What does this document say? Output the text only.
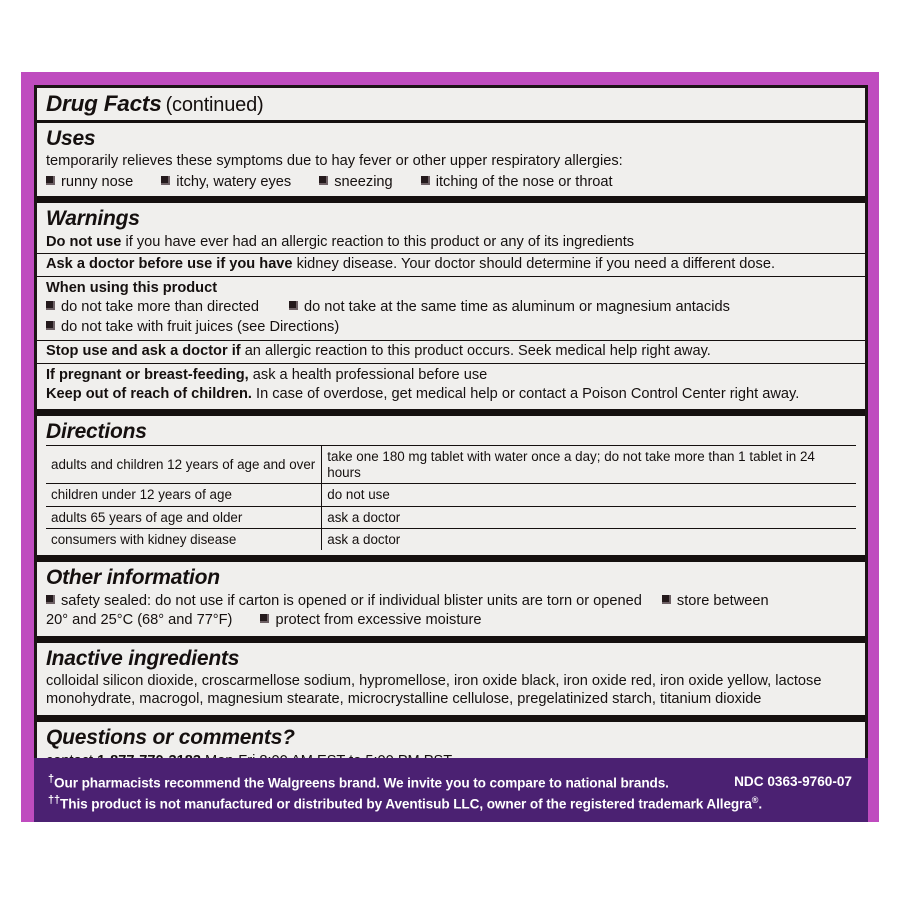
Drug Facts (continued)
Uses
temporarily relieves these symptoms due to hay fever or other upper respiratory allergies:
runny nose	itchy, watery eyes	sneezing	itching of the nose or throat
Warnings
Do not use if you have ever had an allergic reaction to this product or any of its ingredients
Ask a doctor before use if you have kidney disease. Your doctor should determine if you need a different dose.
When using this product
do not take more than directed	do not take at the same time as aluminum or magnesium antacids
do not take with fruit juices (see Directions)
Stop use and ask a doctor if an allergic reaction to this product occurs. Seek medical help right away.
If pregnant or breast-feeding, ask a health professional before use
Keep out of reach of children. In case of overdose, get medical help or contact a Poison Control Center right away.
Directions
adults and children 12 years of age and over	take one 180 mg tablet with water once a day; do not take more than 1 tablet in 24 hours
children under 12 years of age	do not use
adults 65 years of age and older	ask a doctor
consumers with kidney disease	ask a doctor
Other information
safety sealed: do not use if carton is opened or if individual blister units are torn or opened store between
20° and 25°C (68° and 77°F)	protect from excessive moisture
Inactive ingredients
colloidal silicon dioxide, croscarmellose sodium, hypromellose, iron oxide black, iron oxide red, iron oxide yellow, lactose monohydrate, macrogol, magnesium stearate, microcrystalline cellulose, pregelatinized starch, titanium dioxide
Questions or comments?
†Our pharmacists recommend the Walgreens brand. We invite you to compare to national brands.
††This product is not manufactured or distributed by Aventisub LLC, owner of the registered trademark Allegra®.
NDC 0363-9760-07
